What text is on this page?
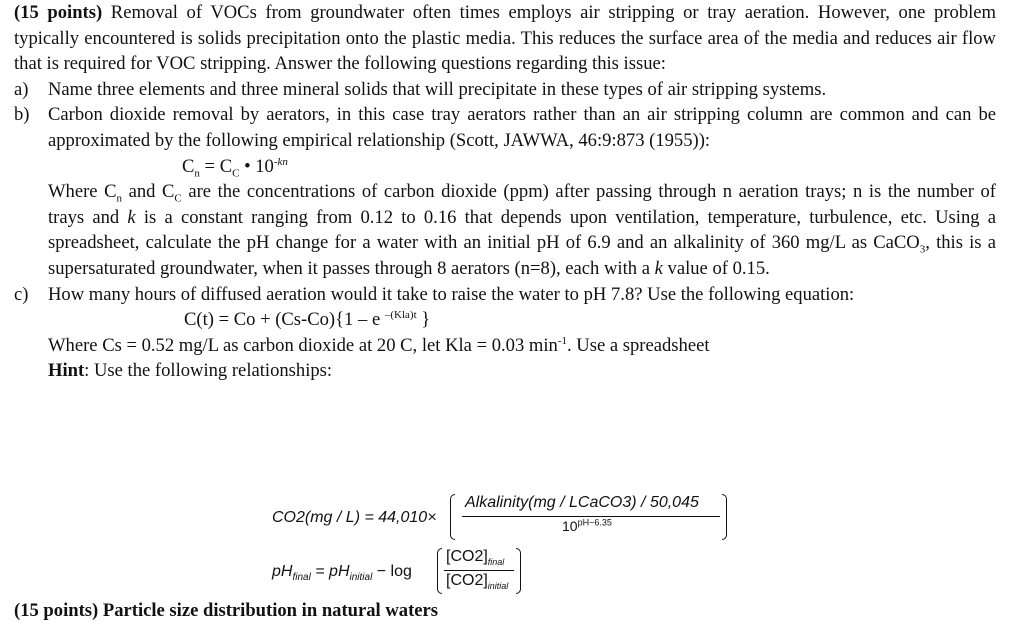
(15 points) Removal of VOCs from groundwater often times employs air stripping or tray aeration. However, one problem typically encountered is solids precipitation onto the plastic media. This reduces the surface area of the media and reduces air flow that is required for VOC stripping. Answer the following questions regarding this issue:

a) Name three elements and three mineral solids that will precipitate in these types of air stripping systems.
b) Carbon dioxide removal by aerators, in this case tray aerators rather than an air stripping column are common and can be approximated by the following empirical relationship (Scott, JAWWA, 46:9:873 (1955)):
$C_n = C_C$ • $10^{-kn}$
Where $C_n$ and $C_C$ are the concentrations of carbon dioxide (ppm) after passing through n aeration trays; n is the number of trays and k is a constant ranging from 0.12 to 0.16 that depends upon ventilation, temperature, turbulence, etc. Using a spreadsheet, calculate the pH change for a water with an initial pH of 6.9 and an alkalinity of 360 mg/L as CaCO$_3$, this is a supersaturated groundwater, when it passes through 8 aerators (n=8), each with a k value of 0.15.
c) How many hours of diffused aeration would it take to raise the water to pH 7.8? Use the following equation:
C(t) = Co + (Cs-Co){1 – e $^{-(Kla)t}$ }
Where Cs = 0.52 mg/L as carbon dioxide at 20 C, let Kla = 0.03 $\min^{-1}$. Use a spreadsheet
Hint: Use the following relationships:
CO2(mg / L) = 44,010×
Alkalinity(mg / LCaCO3) / 50,045
$10^{pH-6.35}$
$pH_{final} = pH_{initial} - \log$
$[CO2]_{final}$
$[CO2]_{initial}$
(15 points) Particle size distribution in natural waters
